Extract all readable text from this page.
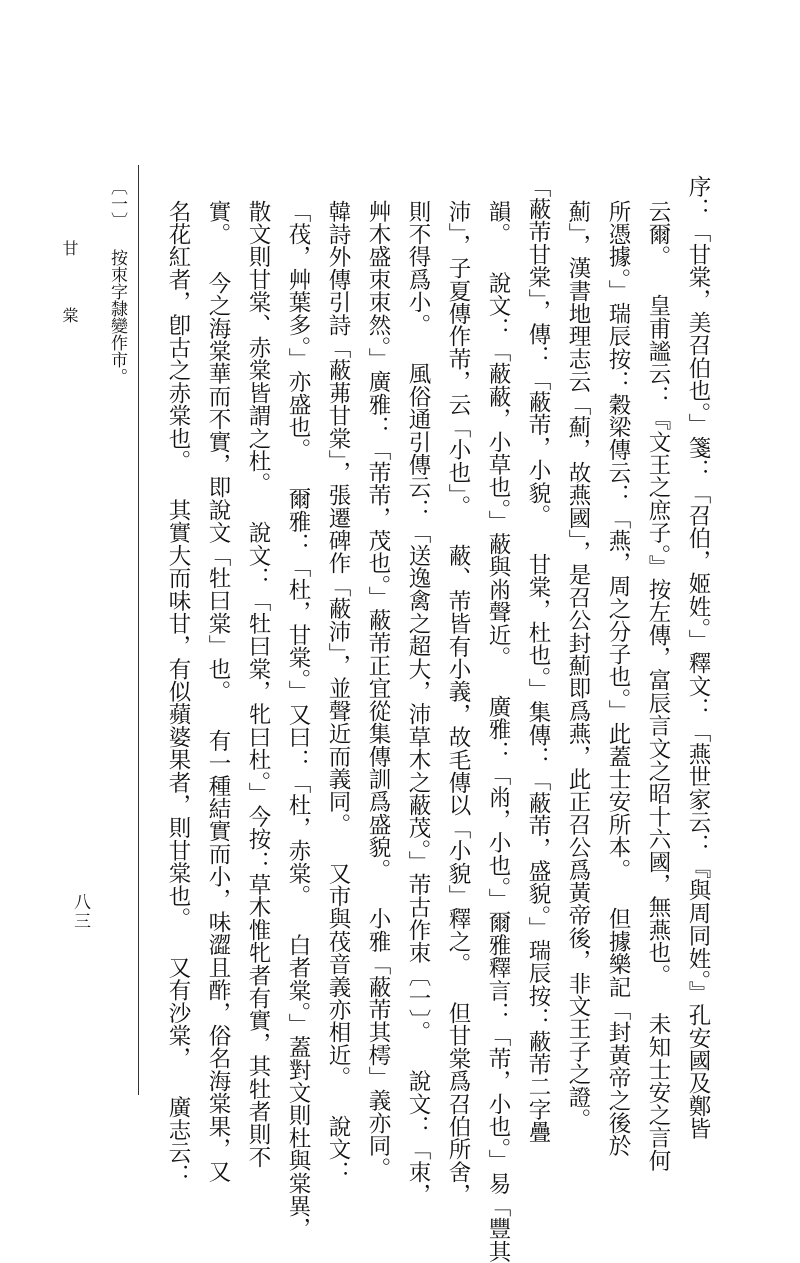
序：「甘棠，美召伯也。」箋：「召伯，姬姓。」釋文：「燕世家云：『與周同姓。』孔安國及鄭皆
云爾。 皇甫謐云：『文王之庶子。』按左傳，富辰言文之昭十六國，無燕也。 未知士安之言何
所憑據。」瑞辰按：穀梁傳云：「燕，周之分子也。」此蓋士安所本。 但據樂記「封黃帝之後於
薊」，漢書地理志云「薊，故燕國」，是召公封薊即爲燕，此正召公爲黃帝後，非文王子之證。
「蔽芾甘棠」，傳：「蔽芾，小貌。 甘棠，杜也。」集傳：「蔽芾，盛貌。」瑞辰按：蔽芾二字疊
韻。 說文：「蔽蔽，小草也。」蔽與㡀聲近。 廣雅：「㡀，小也。」爾雅釋言：「芾，小也。」易「豐其
沛」，子夏傳作芾，云「小也」。 蔽、芾皆有小義，故毛傳以「小貌」釋之。 但甘棠爲召伯所舍，
則不得爲小。 風俗通引傳云：「送逸禽之超大，沛草木之蔽茂。」芾古作朿〔一〕。 說文：「朿，
艸木盛朿朿然。」廣雅：「芾芾，茂也。」蔽芾正宜從集傳訓爲盛貌。 小雅「蔽芾其樗」義亦同。
韓詩外傳引詩「蔽茀甘棠」，張遷碑作「蔽沛」，並聲近而義同。 又市與茷音義亦相近。 說文：
「茷，艸葉多。」亦盛也。 爾雅：「杜，甘棠。」又曰：「杜，赤棠。 白者棠。」蓋對文則杜與棠異，
散文則甘棠、赤棠皆謂之杜。 說文：「牡曰棠，牝曰杜。」今按：草木惟牝者有實，其牡者則不
實。 今之海棠華而不實，即說文「牡曰棠」也。 有一種結實而小，味澀且酢，俗名海棠果，又
名花紅者，卽古之赤棠也。 其實大而味甘，有似蘋婆果者，則甘棠也。 又有沙棠， 廣志云：
〔一〕 按朿字隸變作市。
甘 棠
八三
